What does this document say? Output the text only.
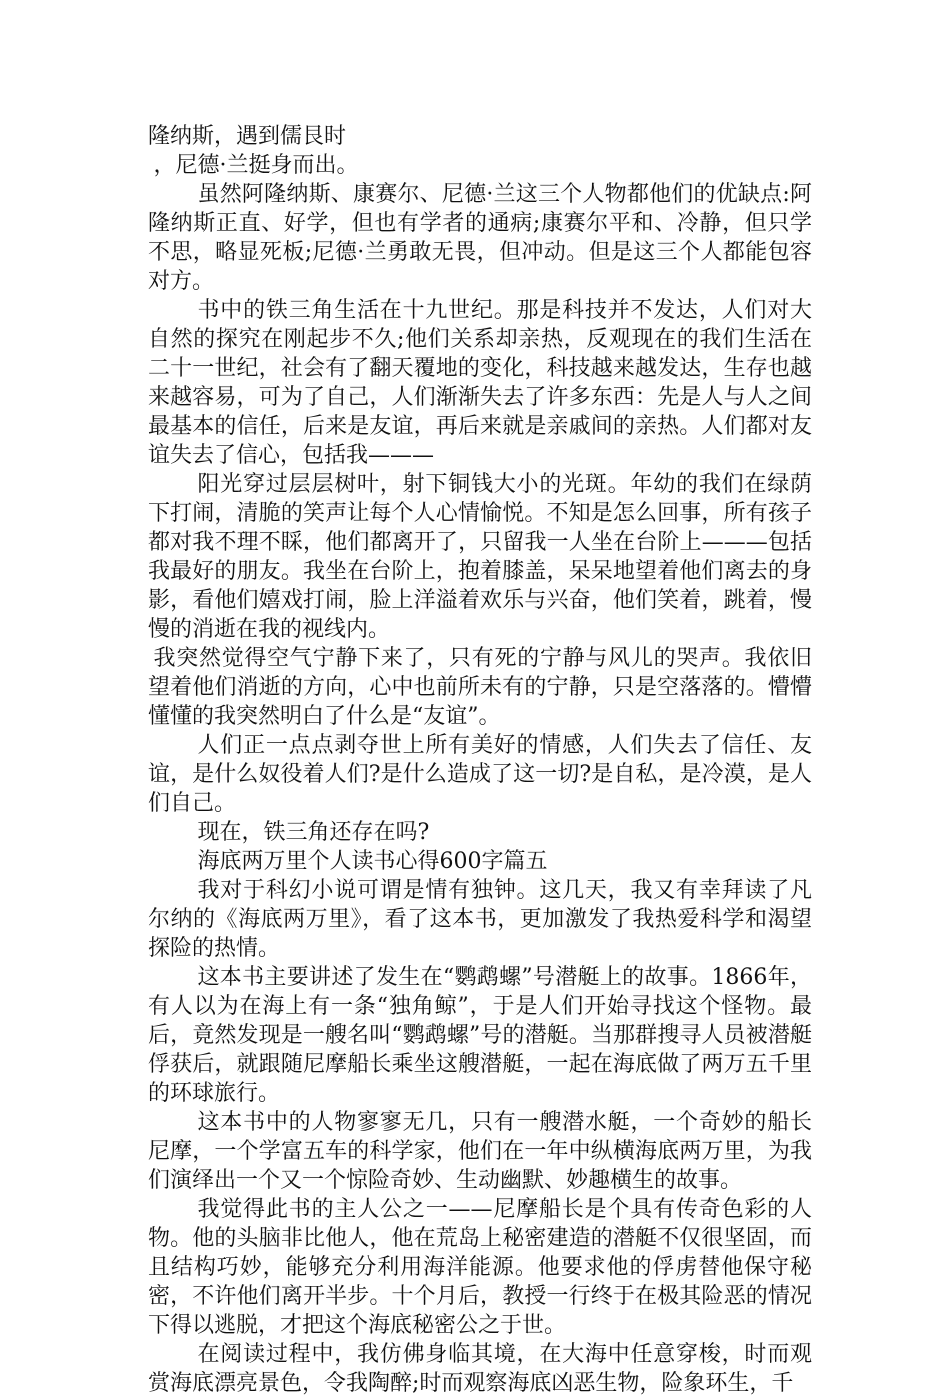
隆纳斯，遇到儒艮时

，尼德·兰挺身而出。

虽然阿隆纳斯、康赛尔、尼德·兰这三个人物都他们的优缺点:阿隆纳斯正直、好学，但也有学者的通病;康赛尔平和、冷静，但只学不思，略显死板;尼德·兰勇敢无畏，但冲动。但是这三个人都能包容对方。

书中的铁三角生活在十九世纪。那是科技并不发达，人们对大自然的探究在刚起步不久;他们关系却亲热，反观现在的我们生活在二十一世纪，社会有了翻天覆地的变化，科技越来越发达，生存也越来越容易，可为了自己，人们渐渐失去了许多东西：先是人与人之间最基本的信任，后来是友谊，再后来就是亲戚间的亲热。人们都对友谊失去了信心，包括我———

阳光穿过层层树叶，射下铜钱大小的光斑。年幼的我们在绿荫下打闹，清脆的笑声让每个人心情愉悦。不知是怎么回事，所有孩子都对我不理不睬，他们都离开了，只留我一人坐在台阶上———包括我最好的朋友。我坐在台阶上，抱着膝盖，呆呆地望着他们离去的身影，看他们嬉戏打闹，脸上洋溢着欢乐与兴奋，他们笑着，跳着，慢慢的消逝在我的视线内。

我突然觉得空气宁静下来了，只有死的宁静与风儿的哭声。我依旧望着他们消逝的方向，心中也前所未有的宁静，只是空落落的。懵懵懂懂的我突然明白了什么是“友谊”。

人们正一点点剥夺世上所有美好的情感，人们失去了信任、友谊，是什么奴役着人们?是什么造成了这一切?是自私，是冷漠，是人们自己。

现在，铁三角还存在吗?

海底两万里个人读书心得600字篇五

我对于科幻小说可谓是情有独钟。这几天，我又有幸拜读了凡尔纳的《海底两万里》，看了这本书，更加激发了我热爱科学和渴望探险的热情。

这本书主要讲述了发生在“鹦鹉螺”号潜艇上的故事。1866年，有人以为在海上有一条“独角鲸”，于是人们开始寻找这个怪物。最后，竟然发现是一艘名叫“鹦鹉螺”号的潜艇。当那群搜寻人员被潜艇俘获后，就跟随尼摩船长乘坐这艘潜艇，一起在海底做了两万五千里的环球旅行。

这本书中的人物寥寥无几，只有一艘潜水艇，一个奇妙的船长尼摩，一个学富五车的科学家，他们在一年中纵横海底两万里，为我们演绎出一个又一个惊险奇妙、生动幽默、妙趣横生的故事。

我觉得此书的主人公之一——尼摩船长是个具有传奇色彩的人物。他的头脑非比他人，他在荒岛上秘密建造的潜艇不仅很坚固，而且结构巧妙，能够充分利用海洋能源。他要求他的俘虏替他保守秘密，不许他们离开半步。十个月后，教授一行终于在极其险恶的情况下得以逃脱，才把这个海底秘密公之于世。

在阅读过程中，我仿佛身临其境，在大海中任意穿梭，时而观赏海底漂亮景色，令我陶醉;时而观察海底凶恶生物，险象环生，千
